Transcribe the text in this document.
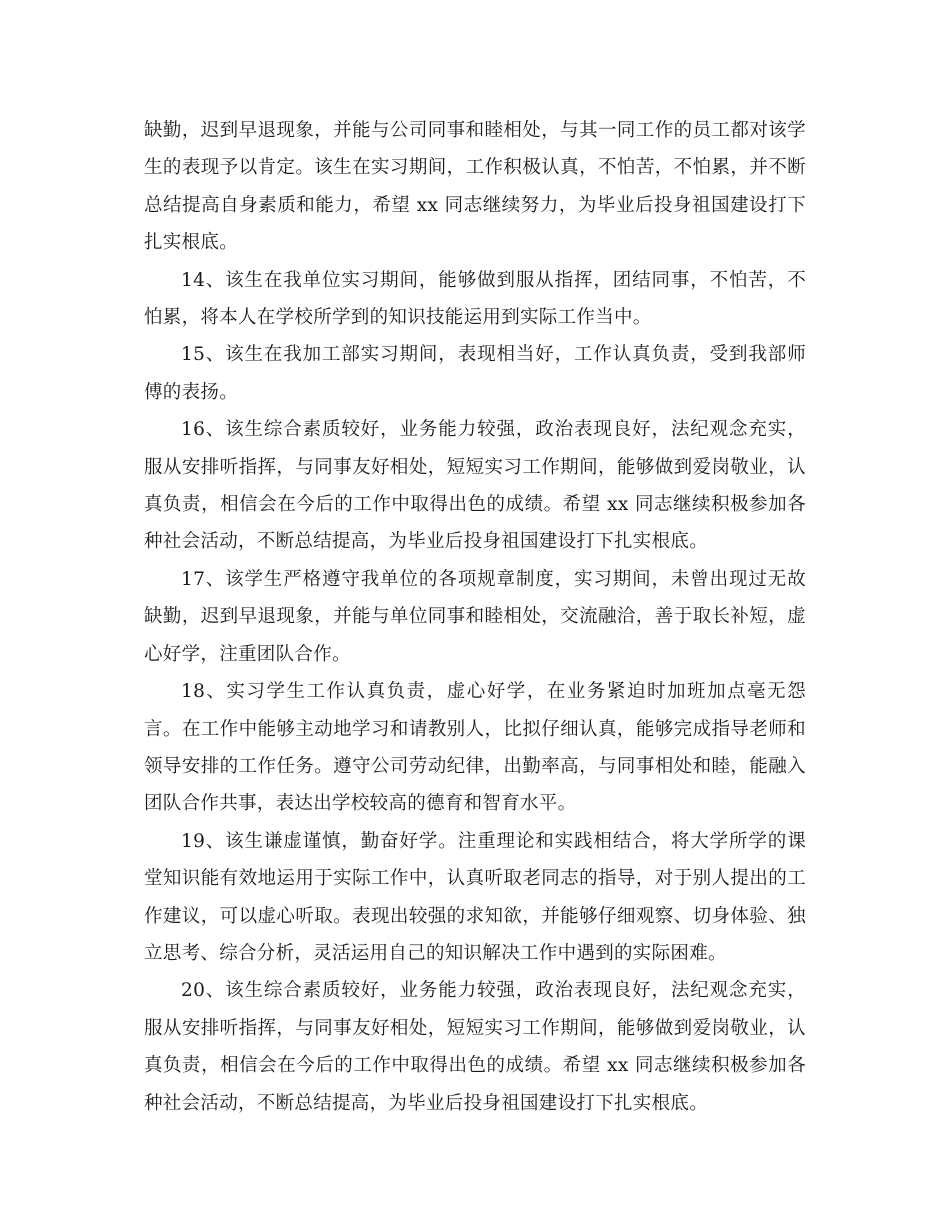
缺勤，迟到早退现象，并能与公司同事和睦相处，与其一同工作的员工都对该学生的表现予以肯定。该生在实习期间，工作积极认真，不怕苦，不怕累，并不断总结提高自身素质和能力，希望 xx 同志继续努力，为毕业后投身祖国建设打下扎实根底。

14、该生在我单位实习期间，能够做到服从指挥，团结同事，不怕苦，不怕累，将本人在学校所学到的知识技能运用到实际工作当中。

15、该生在我加工部实习期间，表现相当好，工作认真负责，受到我部师傅的表扬。

16、该生综合素质较好，业务能力较强，政治表现良好，法纪观念充实，服从安排听指挥，与同事友好相处，短短实习工作期间，能够做到爱岗敬业，认真负责，相信会在今后的工作中取得出色的成绩。希望 xx 同志继续积极参加各种社会活动，不断总结提高，为毕业后投身祖国建设打下扎实根底。

17、该学生严格遵守我单位的各项规章制度，实习期间，未曾出现过无故缺勤，迟到早退现象，并能与单位同事和睦相处，交流融洽，善于取长补短，虚心好学，注重团队合作。

18、实习学生工作认真负责，虚心好学，在业务紧迫时加班加点毫无怨言。在工作中能够主动地学习和请教别人，比拟仔细认真，能够完成指导老师和领导安排的工作任务。遵守公司劳动纪律，出勤率高，与同事相处和睦，能融入团队合作共事，表达出学校较高的德育和智育水平。

19、该生谦虚谨慎，勤奋好学。注重理论和实践相结合，将大学所学的课堂知识能有效地运用于实际工作中，认真听取老同志的指导，对于别人提出的工作建议，可以虚心听取。表现出较强的求知欲，并能够仔细观察、切身体验、独立思考、综合分析，灵活运用自己的知识解决工作中遇到的实际困难。

20、该生综合素质较好，业务能力较强，政治表现良好，法纪观念充实，服从安排听指挥，与同事友好相处，短短实习工作期间，能够做到爱岗敬业，认真负责，相信会在今后的工作中取得出色的成绩。希望 xx 同志继续积极参加各种社会活动，不断总结提高，为毕业后投身祖国建设打下扎实根底。
